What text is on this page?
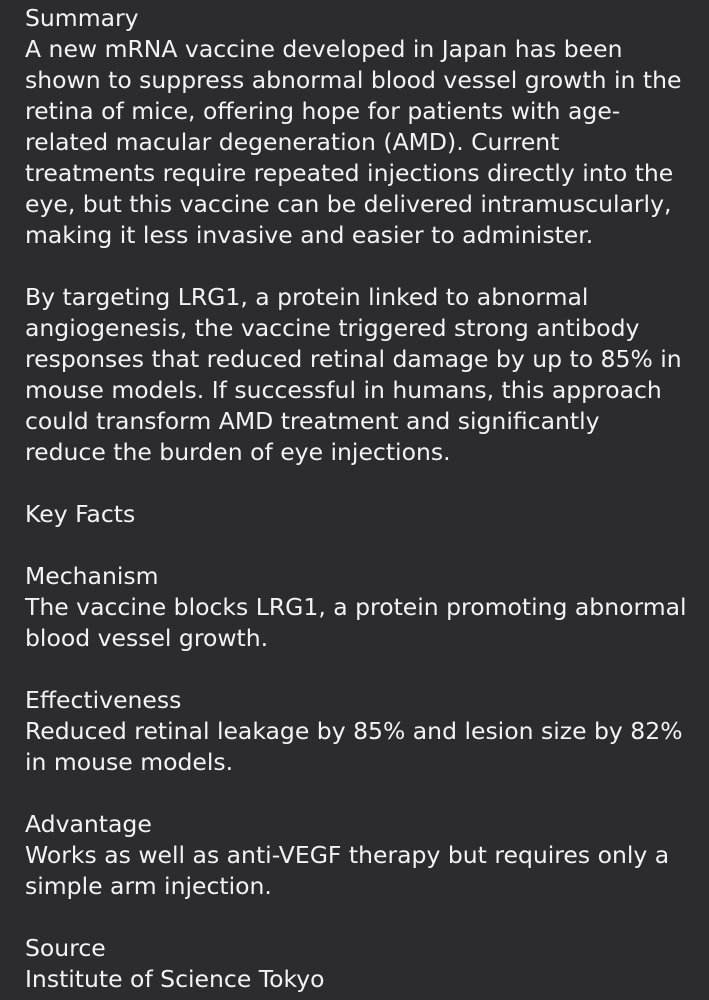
Summary
A new mRNA vaccine developed in Japan has been shown to suppress abnormal blood vessel growth in the retina of mice, offering hope for patients with age-related macular degeneration (AMD). Current treatments require repeated injections directly into the eye, but this vaccine can be delivered intramuscularly, making it less invasive and easier to administer.
By targeting LRG1, a protein linked to abnormal angiogenesis, the vaccine triggered strong antibody responses that reduced retinal damage by up to 85% in mouse models. If successful in humans, this approach could transform AMD treatment and significantly reduce the burden of eye injections.
Key Facts
Mechanism
The vaccine blocks LRG1, a protein promoting abnormal blood vessel growth.
Effectiveness
Reduced retinal leakage by 85% and lesion size by 82% in mouse models.
Advantage
Works as well as anti-VEGF therapy but requires only a simple arm injection.
Source
Institute of Science Tokyo
